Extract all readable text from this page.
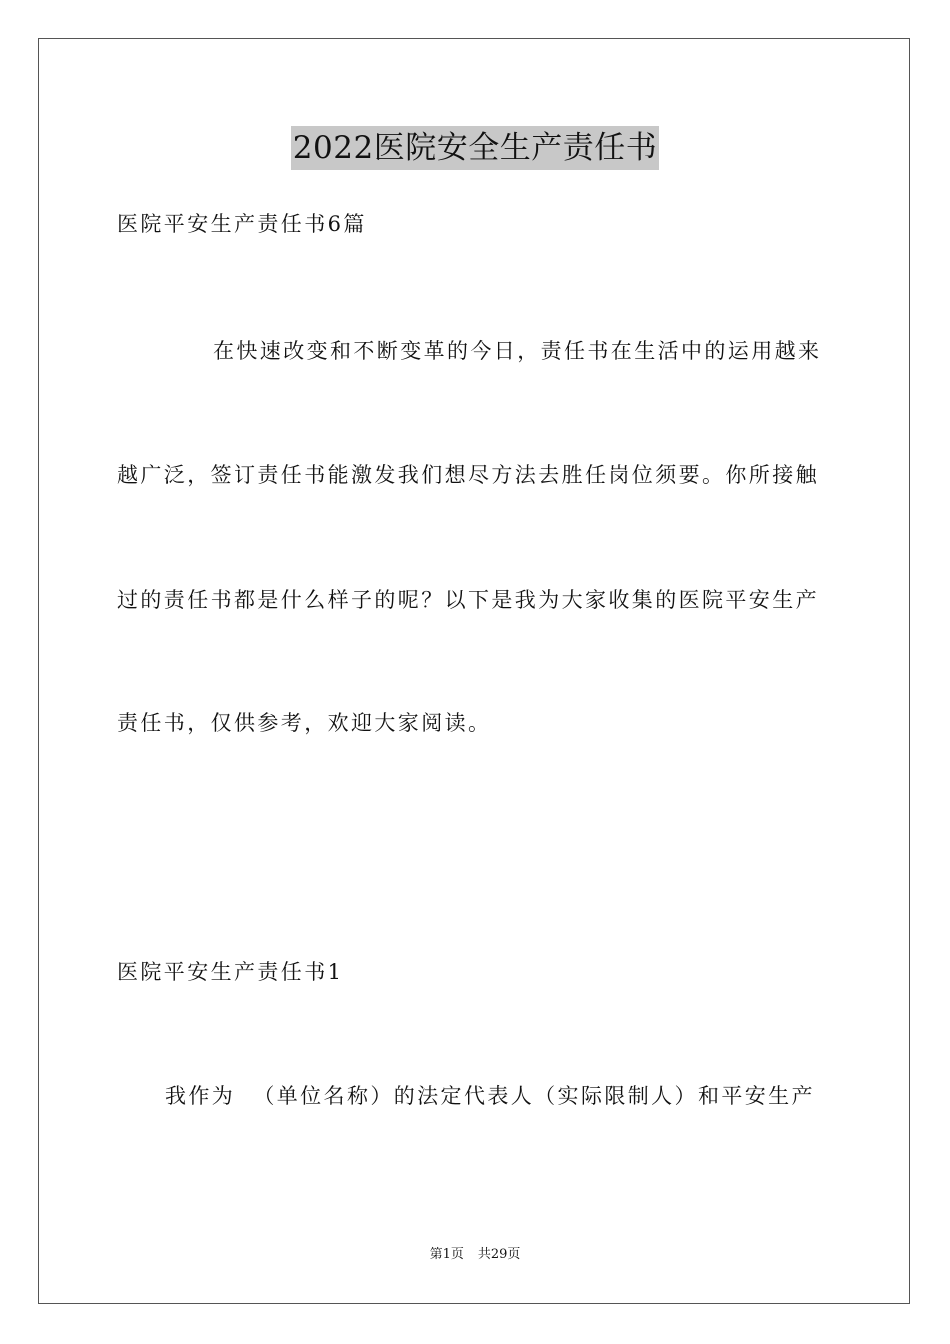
2022医院安全生产责任书
医院平安生产责任书6篇
在快速改变和不断变革的今日，责任书在生活中的运用越来
越广泛，签订责任书能激发我们想尽方法去胜任岗位须要。你所接触
过的责任书都是什么样子的呢？以下是我为大家收集的医院平安生产
责任书，仅供参考，欢迎大家阅读。
医院平安生产责任书1
我作为  （单位名称）的法定代表人（实际限制人）和平安生产
第1页 共29页
